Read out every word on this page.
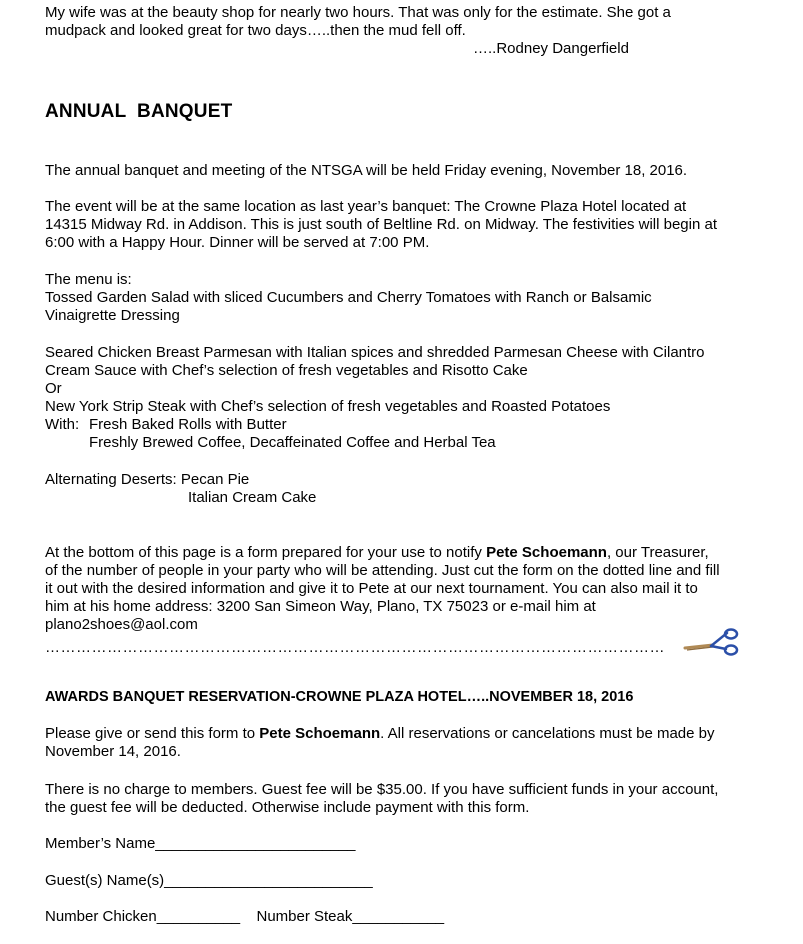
My wife was at the beauty shop for nearly two hours. That was only for the estimate. She got a
mudpack and looked great for two days…..then the mud fell off.

…..Rodney Dangerfield
ANNUAL  BANQUET

The annual banquet and meeting of the NTSGA will be held Friday evening, November 18, 2016.

The event will be at the same location as last year’s banquet: The Crowne Plaza Hotel located at
14315 Midway Rd. in Addison. This is just south of Beltline Rd. on Midway. The festivities will begin at
6:00 with a Happy Hour. Dinner will be served at 7:00 PM.

The menu is:
Tossed Garden Salad with sliced Cucumbers and Cherry Tomatoes with Ranch or Balsamic
Vinaigrette Dressing

Seared Chicken Breast Parmesan with Italian spices and shredded Parmesan Cheese with Cilantro
Cream Sauce with Chef’s selection of fresh vegetables and Risotto Cake
Or
New York Strip Steak with Chef’s selection of fresh vegetables and Roasted Potatoes
With: Fresh Baked Rolls with Butter
Freshly Brewed Coffee, Decaffeinated Coffee and Herbal Tea

Alternating Deserts: Pecan Pie
Italian Cream Cake

At the bottom of this page is a form prepared for your use to notify Pete Schoemann, our Treasurer,
of the number of people in your party who will be attending. Just cut the form on the dotted line and fill
it out with the desired information and give it to Pete at our next tournament. You can also mail it to
him at his home address: 3200 San Simeon Way, Plano, TX 75023 or e-mail him at
plano2shoes@aol.com

…………………………………………………………………………………………………………
AWARDS BANQUET RESERVATION-CROWNE PLAZA HOTEL…..NOVEMBER 18, 2016

Please give or send this form to Pete Schoemann. All reservations or cancelations must be made by
November 14, 2016.

There is no charge to members. Guest fee will be $35.00. If you have sufficient funds in your account,
the guest fee will be deducted. Otherwise include payment with this form.

Member’s Name________________________
Guest(s) Name(s)_________________________
Number Chicken__________ Number Steak___________
